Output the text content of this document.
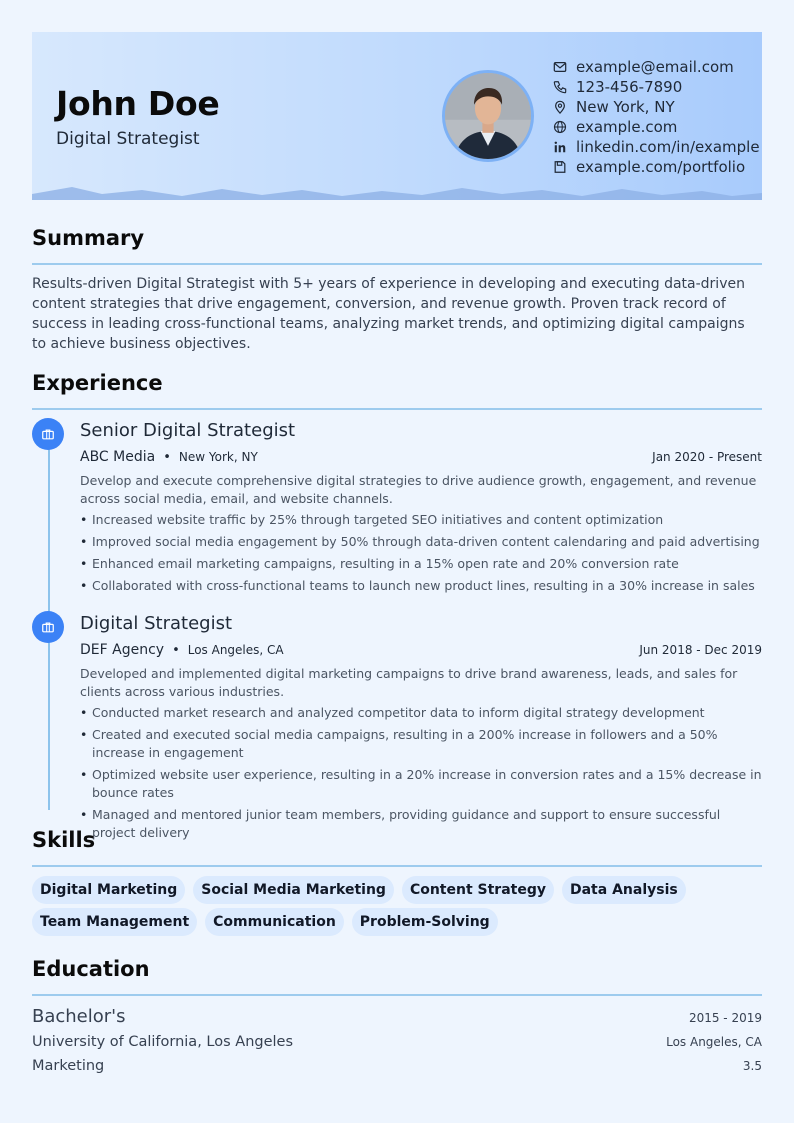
John Doe
Digital Strategist
example@email.com
123-456-7890
New York, NY
example.com
linkedin.com/in/example
example.com/portfolio
Summary
Results-driven Digital Strategist with 5+ years of experience in developing and executing data-driven content strategies that drive engagement, conversion, and revenue growth. Proven track record of success in leading cross-functional teams, analyzing market trends, and optimizing digital campaigns to achieve business objectives.
Experience
Senior Digital Strategist
ABC Media • New York, NY	Jan 2020 - Present
Develop and execute comprehensive digital strategies to drive audience growth, engagement, and revenue across social media, email, and website channels.
• Increased website traffic by 25% through targeted SEO initiatives and content optimization
• Improved social media engagement by 50% through data-driven content calendaring and paid advertising
• Enhanced email marketing campaigns, resulting in a 15% open rate and 20% conversion rate
• Collaborated with cross-functional teams to launch new product lines, resulting in a 30% increase in sales
Digital Strategist
DEF Agency • Los Angeles, CA	Jun 2018 - Dec 2019
Developed and implemented digital marketing campaigns to drive brand awareness, leads, and sales for clients across various industries.
• Conducted market research and analyzed competitor data to inform digital strategy development
• Created and executed social media campaigns, resulting in a 200% increase in followers and a 50% increase in engagement
• Optimized website user experience, resulting in a 20% increase in conversion rates and a 15% decrease in bounce rates
• Managed and mentored junior team members, providing guidance and support to ensure successful project delivery
Skills
Digital Marketing	Social Media Marketing	Content Strategy	Data Analysis
Team Management	Communication	Problem-Solving
Education
Bachelor's	2015 - 2019
University of California, Los Angeles	Los Angeles, CA
Marketing	3.5
